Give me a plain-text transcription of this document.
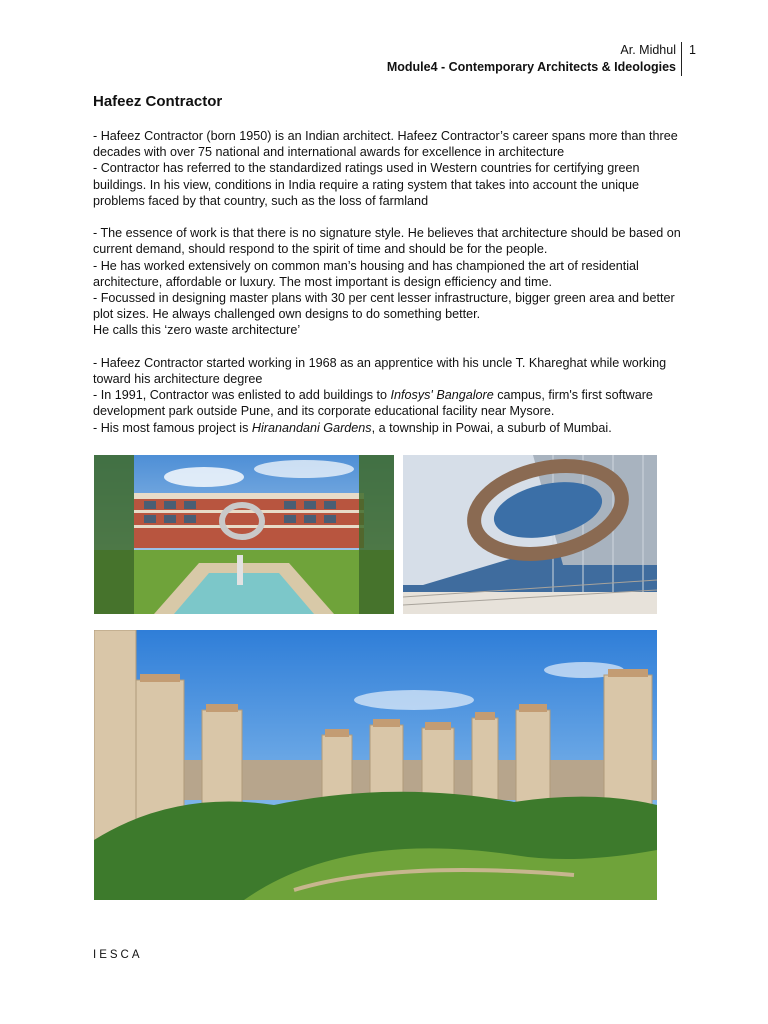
Ar. Midhul
Module4 - Contemporary Architects & Ideologies
1
Hafeez Contractor

- Hafeez Contractor (born 1950) is an Indian architect. Hafeez Contractor’s career spans more than three decades with over 75 national and international awards for excellence in architecture

- Contractor has referred to the standardized ratings used in Western countries for certifying green buildings. In his view, conditions in India require a rating system that takes into account the unique problems faced by that country, such as the loss of farmland

- The essence of work is that there is no signature style. He believes that architecture should be based on current demand, should respond to the spirit of time and should be for the people.

- He has worked extensively on common man’s housing and has championed the art of residential architecture, affordable or luxury. The most important is design efficiency and time.

- Focussed in designing master plans with 30 per cent lesser infrastructure, bigger green area and better plot sizes. He always challenged own designs to do something better.

He calls this ‘zero waste architecture’

- Hafeez Contractor started working in 1968 as an apprentice with his uncle T. Khareghat while working toward his architecture degree

- In 1991, Contractor was enlisted to add buildings to Infosys' Bangalore campus, firm's first software development park outside Pune, and its corporate educational facility near Mysore.

- His most famous project is Hiranandani Gardens, a township in Powai, a suburb of Mumbai.

IESCA
